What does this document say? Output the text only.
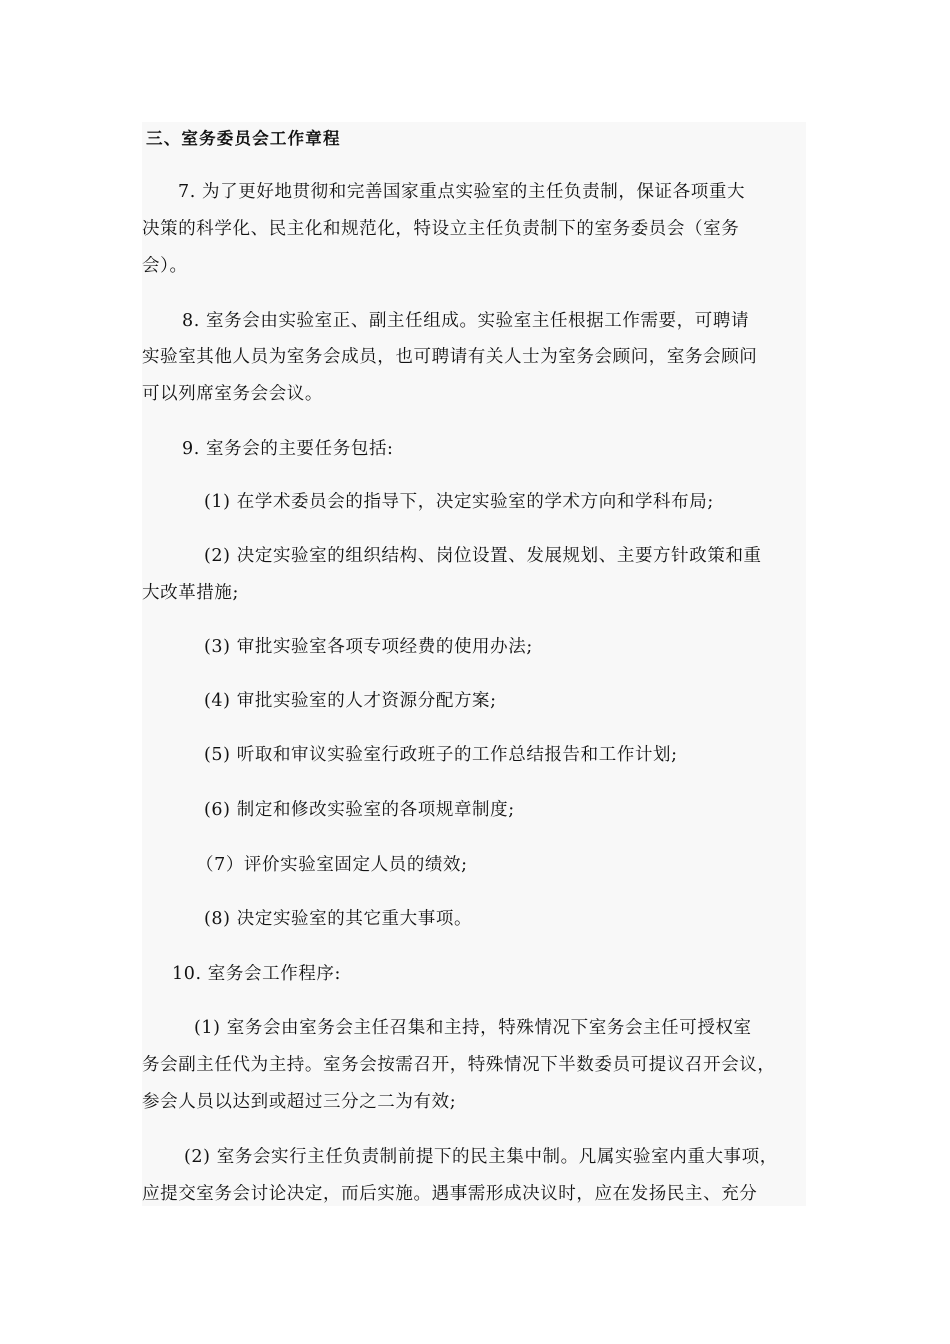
三、室务委员会工作章程
7. 为了更好地贯彻和完善国家重点实验室的主任负责制，保证各项重大
决策的科学化、民主化和规范化，特设立主任负责制下的室务委员会（室务
会）。
8. 室务会由实验室正、副主任组成。实验室主任根据工作需要，可聘请
实验室其他人员为室务会成员，也可聘请有关人士为室务会顾问，室务会顾问
可以列席室务会会议。
9. 室务会的主要任务包括:
(1) 在学术委员会的指导下，决定实验室的学术方向和学科布局;
(2) 决定实验室的组织结构、岗位设置、发展规划、主要方针政策和重
大改革措施;
(3) 审批实验室各项专项经费的使用办法;
(4) 审批实验室的人才资源分配方案;
(5) 听取和审议实验室行政班子的工作总结报告和工作计划;
(6) 制定和修改实验室的各项规章制度;
（7）评价实验室固定人员的绩效;
(8) 决定实验室的其它重大事项。
10. 室务会工作程序:
(1) 室务会由室务会主任召集和主持，特殊情况下室务会主任可授权室
务会副主任代为主持。室务会按需召开，特殊情况下半数委员可提议召开会议，
参会人员以达到或超过三分之二为有效;
(2) 室务会实行主任负责制前提下的民主集中制。凡属实验室内重大事项，
应提交室务会讨论决定，而后实施。遇事需形成决议时，应在发扬民主、充分
